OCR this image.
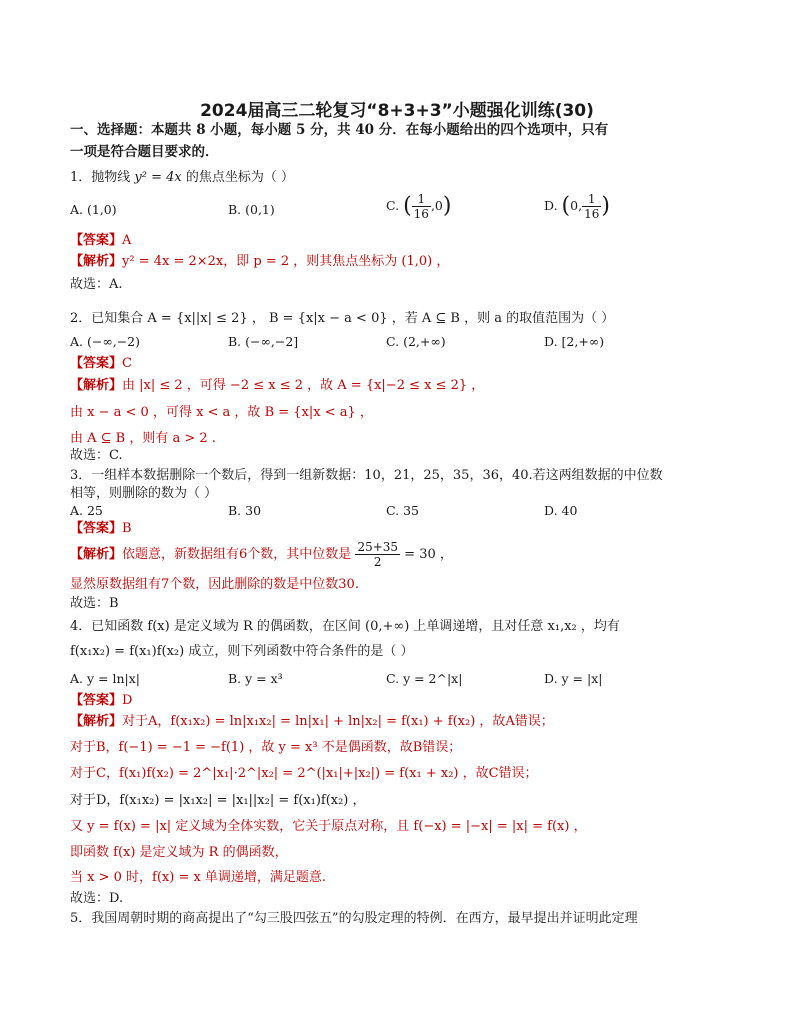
2024届高三二轮复习“8+3+3”小题强化训练(30)
一、选择题：本题共 8 小题，每小题 5 分，共 40 分．在每小题给出的四个选项中，只有
一项是符合题目要求的．
1．抛物线 y² = 4x 的焦点坐标为（ ）
A. (1,0)	B. (0,1)	C. ( $\frac{1}{16} ,0$)	D. (0, $\frac{1}{16}$ )
【答案】A
【解析】y² = 4x = 2×2x，即 p = 2 ，则其焦点坐标为 (1,0) ，
故选：A.
2．已知集合 A = {x||x| ≤ 2} ， B = {x|x − a < 0} ，若 A ⊆ B ，则 a 的取值范围为（ ）
A. (−∞,−2)	B. (−∞,−2]	C. (2,+∞)	D. [2,+∞)
【答案】C
【解析】由 |x| ≤ 2 ，可得 −2 ≤ x ≤ 2 ，故 A = {x|−2 ≤ x ≤ 2} ，
由 x − a < 0 ，可得 x < a ，故 B = {x|x < a} ，
由 A ⊆ B ，则有 a > 2 .
故选：C.
3．一组样本数据删除一个数后，得到一组新数据：10，21，25，35，36，40.若这两组数据的中位数
相等，则删除的数为（ ）
A. 25	B. 30	C. 35	D. 40
【答案】B
【解析】依题意，新数据组有6个数，其中位数是 $\frac{25+35}{2} = 30$ ，
显然原数据组有7个数，因此删除的数是中位数30.
故选：B
4．已知函数 f(x) 是定义域为 R 的偶函数，在区间 (0,+∞) 上单调递增，且对任意 x₁,x₂ ，均有
f(x₁x₂) = f(x₁)f(x₂) 成立，则下列函数中符合条件的是（ ）
A. y = ln|x|	B. y = x³	C. y = 2^|x|	D. y = |x|
【答案】D
【解析】对于A，f(x₁x₂) = ln|x₁x₂| = ln|x₁| + ln|x₂| = f(x₁) + f(x₂) ，故A错误；
对于B，f(−1) = −1 = −f(1) ，故 y = x³ 不是偶函数，故B错误；
对于C，f(x₁)f(x₂) = 2^|x₁|·2^|x₂| = 2^(|x₁|+|x₂|) = f(x₁ + x₂) ，故C错误；
对于D，f(x₁x₂) = |x₁x₂| = |x₁||x₂| = f(x₁)f(x₂) ，
又 y = f(x) = |x| 定义域为全体实数，它关于原点对称，且 f(−x) = |−x| = |x| = f(x) ，
即函数 f(x) 是定义域为 R 的偶函数，
当 x > 0 时，f(x) = x 单调递增，满足题意.
故选：D.
5．我国周朝时期的商高提出了“勾三股四弦五”的勾股定理的特例．在西方，最早提出并证明此定理
